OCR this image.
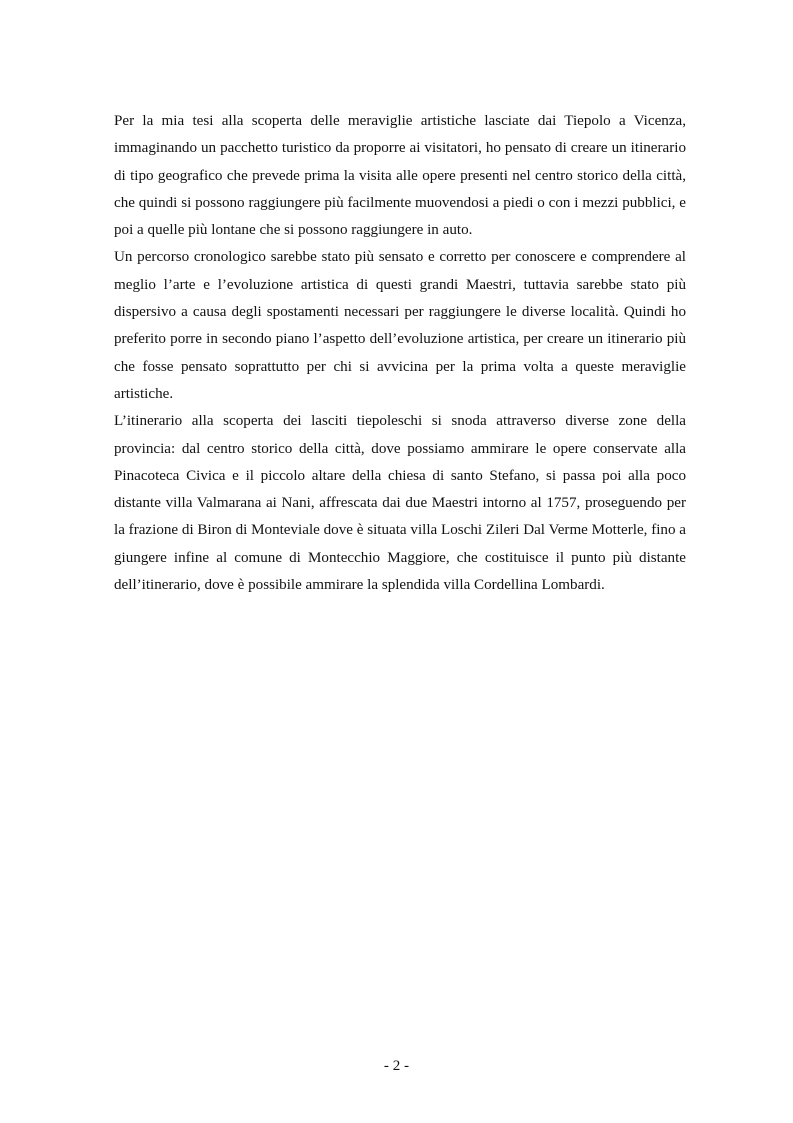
Per la mia tesi alla scoperta delle meraviglie artistiche lasciate dai Tiepolo a Vicenza, immaginando un pacchetto turistico da proporre ai visitatori, ho pensato di creare un itinerario di tipo geografico che prevede prima la visita alle opere presenti nel centro storico della città, che quindi si possono raggiungere più facilmente muovendosi a piedi o con i mezzi pubblici, e poi a quelle più lontane che si possono raggiungere in auto.

Un percorso cronologico sarebbe stato più sensato e corretto per conoscere e comprendere al meglio l’arte e l’evoluzione artistica di questi grandi Maestri, tuttavia sarebbe stato più dispersivo a causa degli spostamenti necessari per raggiungere le diverse località. Quindi ho preferito porre in secondo piano l’aspetto dell’evoluzione artistica, per creare un itinerario più che fosse pensato soprattutto per chi si avvicina per la prima volta a queste meraviglie artistiche.

L’itinerario alla scoperta dei lasciti tiepoleschi si snoda attraverso diverse zone della provincia: dal centro storico della città, dove possiamo ammirare le opere conservate alla Pinacoteca Civica e il piccolo altare della chiesa di santo Stefano, si passa poi alla poco distante villa Valmarana ai Nani, affrescata dai due Maestri intorno al 1757, proseguendo per la frazione di Biron di Monteviale dove è situata villa Loschi Zileri Dal Verme Motterle, fino a giungere infine al comune di Montecchio Maggiore, che costituisce il punto più distante dell’itinerario, dove è possibile ammirare la splendida villa Cordellina Lombardi.

- 2 -
